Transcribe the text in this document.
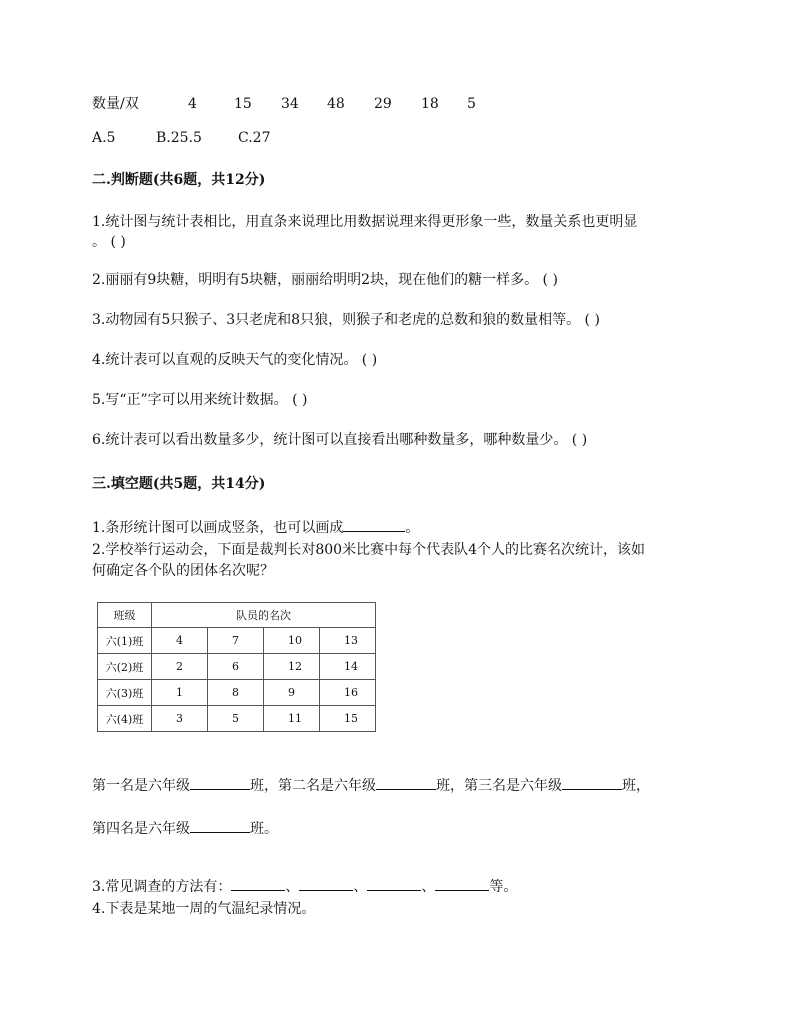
数量/双	4	15 34 48 29 18 5
A.5	B.25.5	C.27
二.判断题(共6题，共12分)
1.统计图与统计表相比，用直条来说理比用数据说理来得更形象一些，数量关系也更明显
。 ( )
2.丽丽有9块糖，明明有5块糖，丽丽给明明2块，现在他们的糖一样多。 ( )
3.动物园有5只猴子、3只老虎和8只狼，则猴子和老虎的总数和狼的数量相等。 ( )
4.统计表可以直观的反映天气的变化情况。 ( )
5.写“正”字可以用来统计数据。 ( )
6.统计表可以看出数量多少，统计图可以直接看出哪种数量多，哪种数量少。 ( )
三.填空题(共5题，共14分)
1.条形统计图可以画成竖条，也可以画成	。
2.学校举行运动会，下面是裁判长对800米比赛中每个代表队4个人的比赛名次统计，该如
何确定各个队的团体名次呢？
班级	队员的名次			
六(1)班	4	7	10	13
六(2)班	2	6	12	14
六(3)班	1	8	9	16
六(4)班	3	5	11	15
第一名是六年级	班，第二名是六年级	班，第三名是六年级	班，
第四名是六年级	班。
3.常见调查的方法有：	、	、	、	等。
4.下表是某地一周的气温纪录情况。
